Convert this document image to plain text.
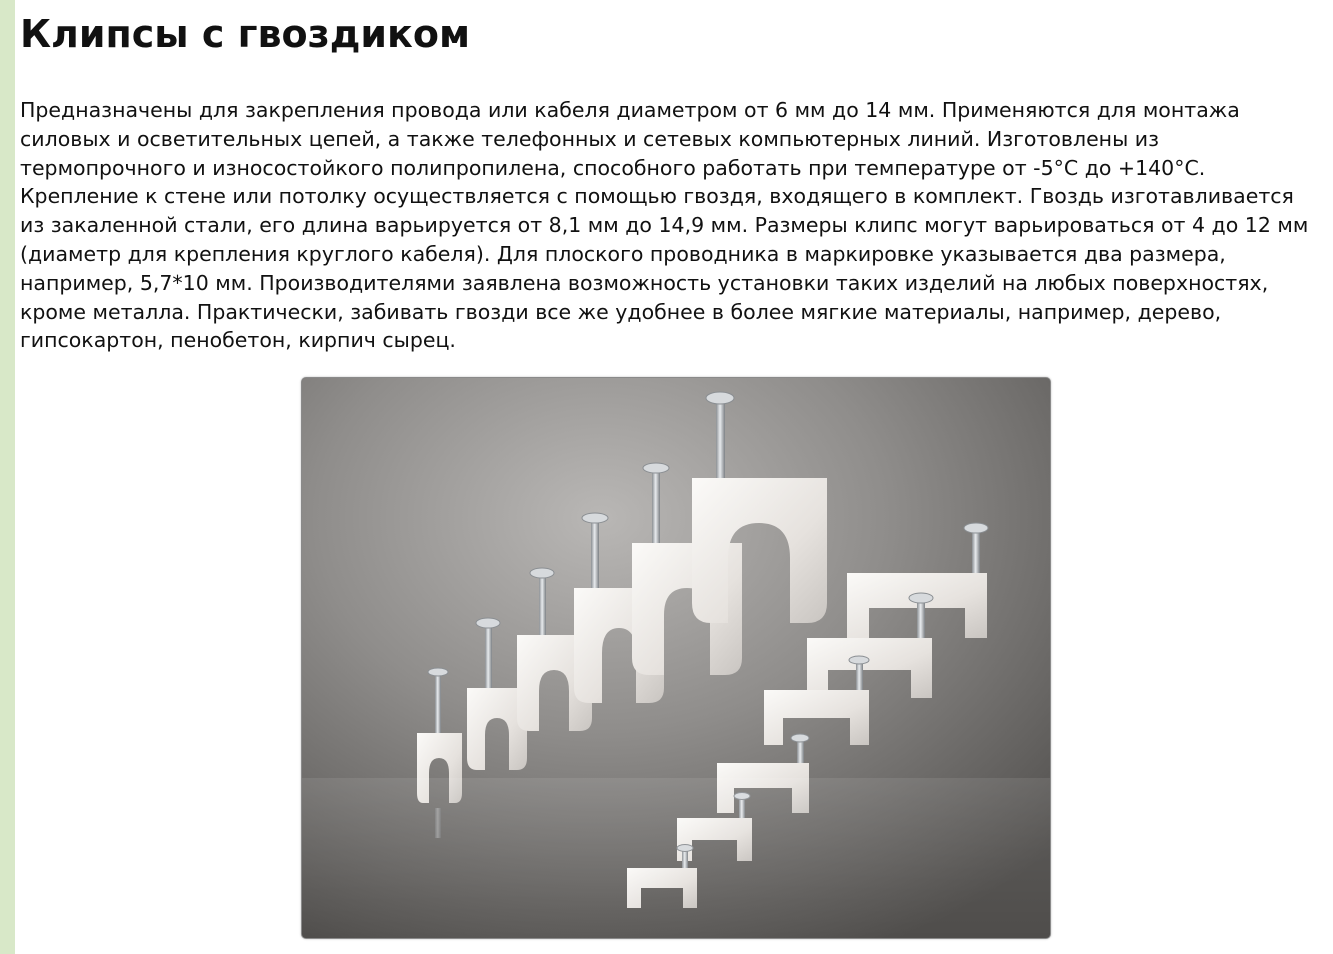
Клипсы с гвоздиком

Предназначены для закрепления провода или кабеля диаметром от 6 мм до 14 мм. Применяются для монтажа силовых и осветительных цепей, а также телефонных и сетевых компьютерных линий. Изготовлены из термопрочного и износостойкого полипропилена, способного работать при температуре от -5°C до +140°C. Крепление к стене или потолку осуществляется с помощью гвоздя, входящего в комплект. Гвоздь изготавливается из закаленной стали, его длина варьируется от 8,1 мм до 14,9 мм. Размеры клипс могут варьироваться от 4 до 12 мм (диаметр для крепления круглого кабеля). Для плоского проводника в маркировке указывается два размера, например, 5,7*10 мм. Производителями заявлена возможность установки таких изделий на любых поверхностях, кроме металла. Практически, забивать гвозди все же удобнее в более мягкие материалы, например, дерево, гипсокартон, пенобетон, кирпич сырец.
